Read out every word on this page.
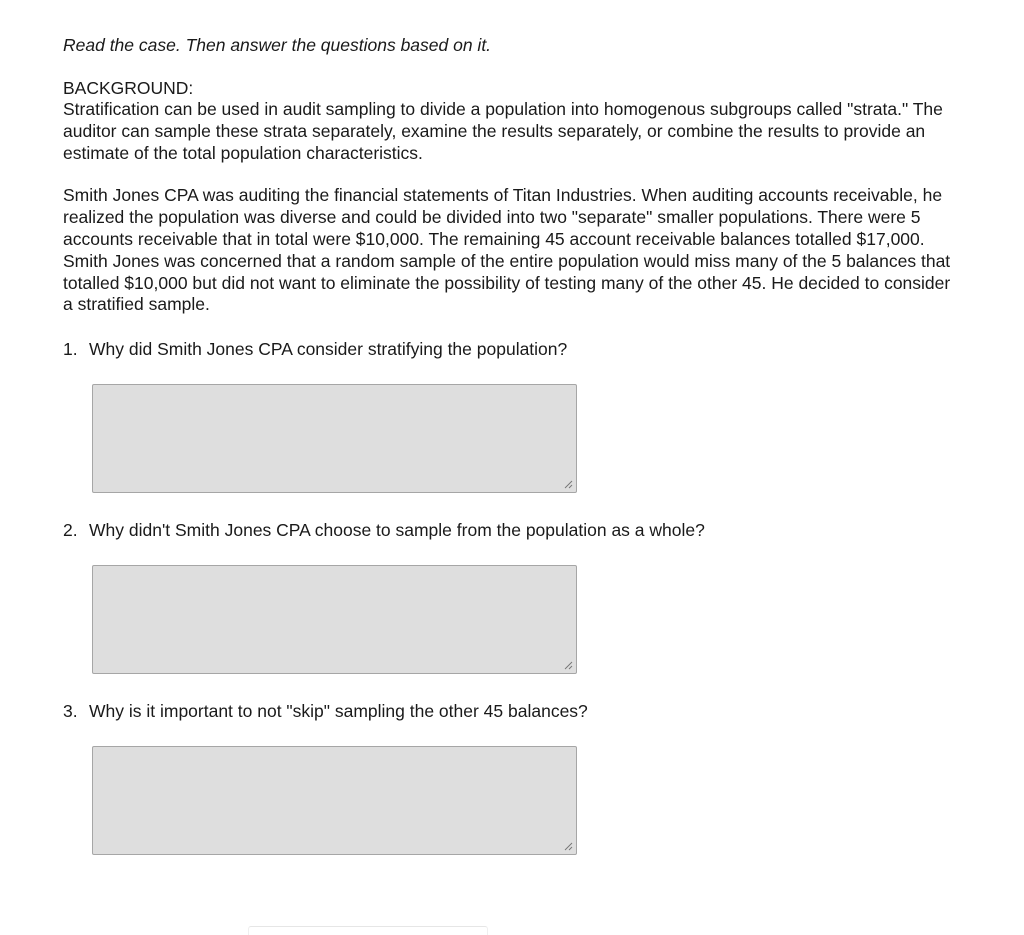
Read the case. Then answer the questions based on it.

BACKGROUND:

Stratification can be used in audit sampling to divide a population into homogenous subgroups called "strata." The auditor can sample these strata separately, examine the results separately, or combine the results to provide an estimate of the total population characteristics.

Smith Jones CPA was auditing the financial statements of Titan Industries. When auditing accounts receivable, he realized the population was diverse and could be divided into two "separate" smaller populations. There were 5 accounts receivable that in total were $10,000. The remaining 45 account receivable balances totalled $17,000. Smith Jones was concerned that a random sample of the entire population would miss many of the 5 balances that totalled $10,000 but did not want to eliminate the possibility of testing many of the other 45. He decided to consider a stratified sample.

1. Why did Smith Jones CPA consider stratifying the population?
2. Why didn't Smith Jones CPA choose to sample from the population as a whole?
3. Why is it important to not "skip" sampling the other 45 balances?
